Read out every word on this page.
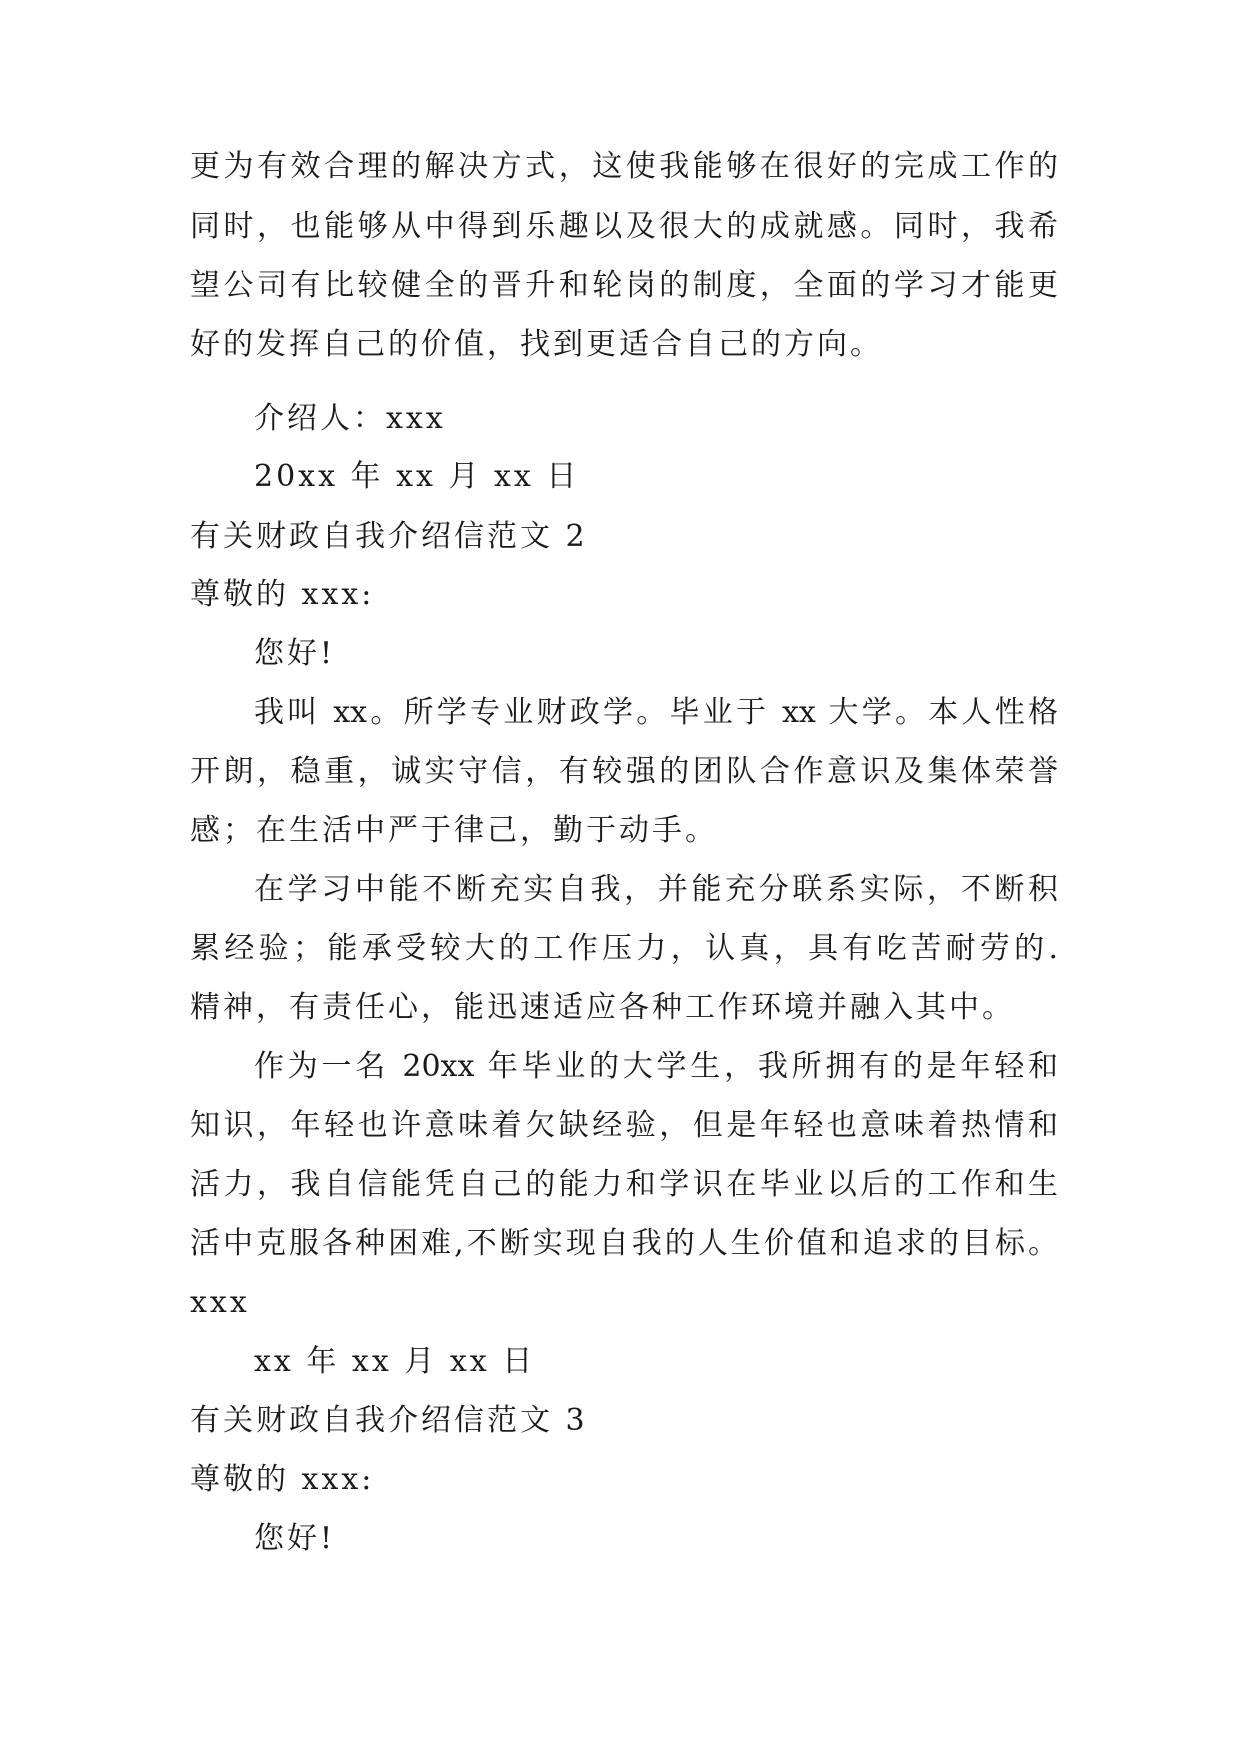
更为有效合理的解决方式，这使我能够在很好的完成工作的

同时，也能够从中得到乐趣以及很大的成就感。同时，我希

望公司有比较健全的晋升和轮岗的制度，全面的学习才能更

好的发挥自己的价值，找到更适合自己的方向。

介绍人：xxx

20xx 年 xx 月 xx 日

有关财政自我介绍信范文 2

尊敬的 xxx:

您好!

我叫 xx。所学专业财政学。毕业于 xx 大学。本人性格

开朗，稳重，诚实守信，有较强的团队合作意识及集体荣誉

感；在生活中严于律己，勤于动手。

在学习中能不断充实自我，并能充分联系实际，不断积

累经验；能承受较大的工作压力，认真，具有吃苦耐劳的.

精神，有责任心，能迅速适应各种工作环境并融入其中。

作为一名 20xx 年毕业的大学生，我所拥有的是年轻和

知识，年轻也许意味着欠缺经验，但是年轻也意味着热情和

活力，我自信能凭自己的能力和学识在毕业以后的工作和生

活中克服各种困难,不断实现自我的人生价值和追求的目标。

xxx

xx 年 xx 月 xx 日

有关财政自我介绍信范文 3

尊敬的 xxx:

您好!
